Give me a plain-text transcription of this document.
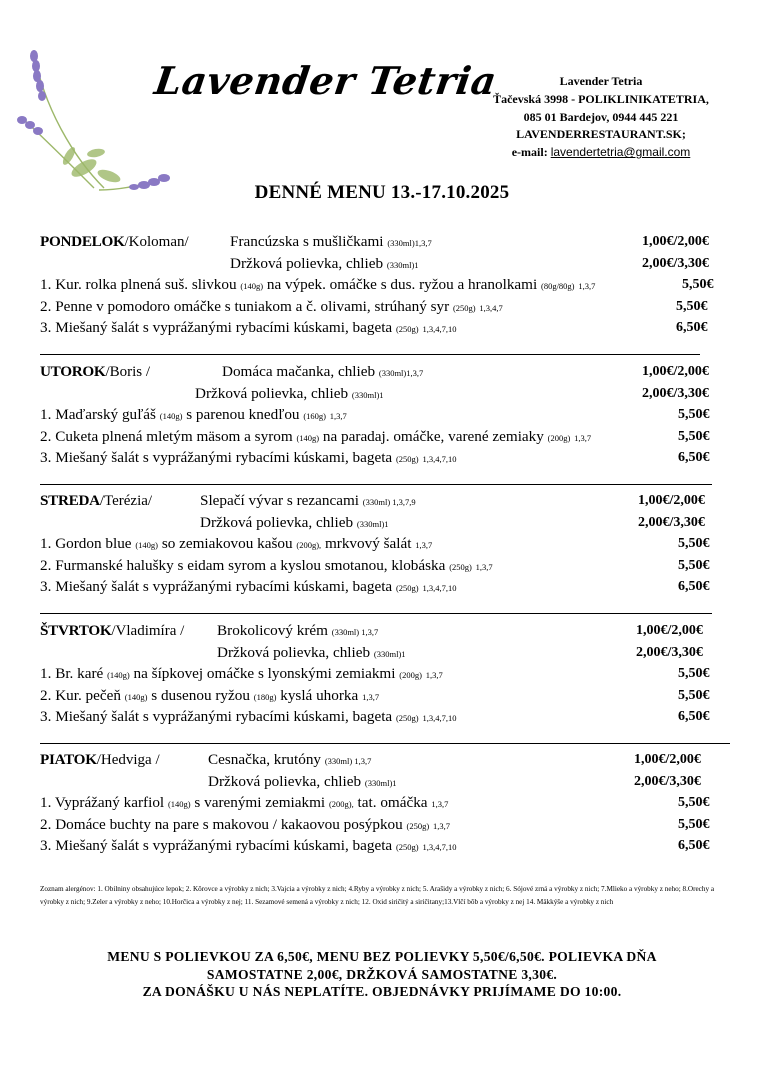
Lavender Tetria	Lavender Tetria
Ťačevská 3998 - POLIKLINIKATETRIA,
085 01 Bardejov, 0944 445 221
LAVENDERRESTAURANT.SK;
e-mail: lavendertetria@gmail.com
DENNÉ MENU 13.-17.10.2025
PONDELOK/Koloman/	Francúzska s mušličkami (330ml)1,3,7	1,00€/2,00€
Držková polievka, chlieb (330ml)1	2,00€/3,30€
1. Kur. rolka plnená suš. slivkou (140g) na výpek. omáčke s dus. ryžou a hranolkami (80g/80g) 1,3,7	5,50€
2. Penne v pomodoro omáčke s tuniakom a č. olivami, strúhaný syr (250g) 1,3,4,7	5,50€
3. Miešaný šalát s vyprážanými rybacími kúskami, bageta (250g) 1,3,4,7,10	6,50€
UTOROK/Boris /	Domáca mačanka, chlieb (330ml)1,3,7	1,00€/2,00€
Držková polievka, chlieb (330ml)1	2,00€/3,30€
1. Maďarský guľáš (140g) s parenou knedľou (160g) 1,3,7	5,50€
2. Cuketa plnená mletým mäsom a syrom (140g) na paradaj. omáčke, varené zemiaky (200g) 1,3,7	5,50€
3. Miešaný šalát s vyprážanými rybacími kúskami, bageta (250g) 1,3,4,7,10	6,50€
STREDA/Terézia/	Slepačí vývar s rezancami (330ml) 1,3,7,9	1,00€/2,00€
Držková polievka, chlieb (330ml)1	2,00€/3,30€
1. Gordon blue (140g) so zemiakovou kašou (200g), mrkvový šalát 1,3,7	5,50€
2. Furmanské halušky s eidam syrom a kyslou smotanou, klobáska (250g) 1,3,7	5,50€
3. Miešaný šalát s vyprážanými rybacími kúskami, bageta (250g) 1,3,4,7,10	6,50€
ŠTVRTOK/Vladimíra / Brokolicový krém (330ml) 1,3,7	1,00€/2,00€
Držková polievka, chlieb (330ml)1	2,00€/3,30€
1. Br. karé (140g) na šípkovej omáčke s lyonskými zemiakmi (200g) 1,3,7	5,50€
2. Kur. pečeň (140g) s dusenou ryžou (180g) kyslá uhorka 1,3,7	5,50€
3. Miešaný šalát s vyprážanými rybacími kúskami, bageta (250g) 1,3,4,7,10	6,50€
PIATOK/Hedviga /	Cesnačka, krutóny (330ml) 1,3,7	1,00€/2,00€
Držková polievka, chlieb (330ml)1	2,00€/3,30€
1. Vyprážaný karfiol (140g) s varenými zemiakmi (200g), tat. omáčka 1,3,7	5,50€
2. Domáce buchty na pare s makovou / kakaovou posýpkou (250g) 1,3,7	5,50€
3. Miešaný šalát s vyprážanými rybacími kúskami, bageta (250g) 1,3,4,7,10	6,50€
Zoznam alergénov: 1. Obilniny obsahujúce lepok; 2. Kôrovce a výrobky z nich; 3.Vajcia a výrobky z nich; 4.Ryby a výrobky z nich; 5. Arašidy a výrobky z nich; 6. Sójové zrná a výrobky z nich; 7.Mlieko a výrobky z neho; 8.Orechy a výrobky z nich; 9.Zeler a výrobky z neho; 10.Horčica a výrobky z nej; 11. Sezamové semená a výrobky z nich; 12. Oxid siričitý a siričitany;13.Vlčí bôb a výrobky z nej 14. Mäkkýše a výrobky z nich
MENU S POLIEVKOU ZA 6,50€, MENU BEZ POLIEVKY 5,50€/6,50€. POLIEVKA DŇA
SAMOSTATNE 2,00€, DRŽKOVÁ SAMOSTATNE 3,30€.
ZA DONÁŠKU U NÁS NEPLATÍTE. OBJEDNÁVKY PRIJÍMAME DO 10:00.
